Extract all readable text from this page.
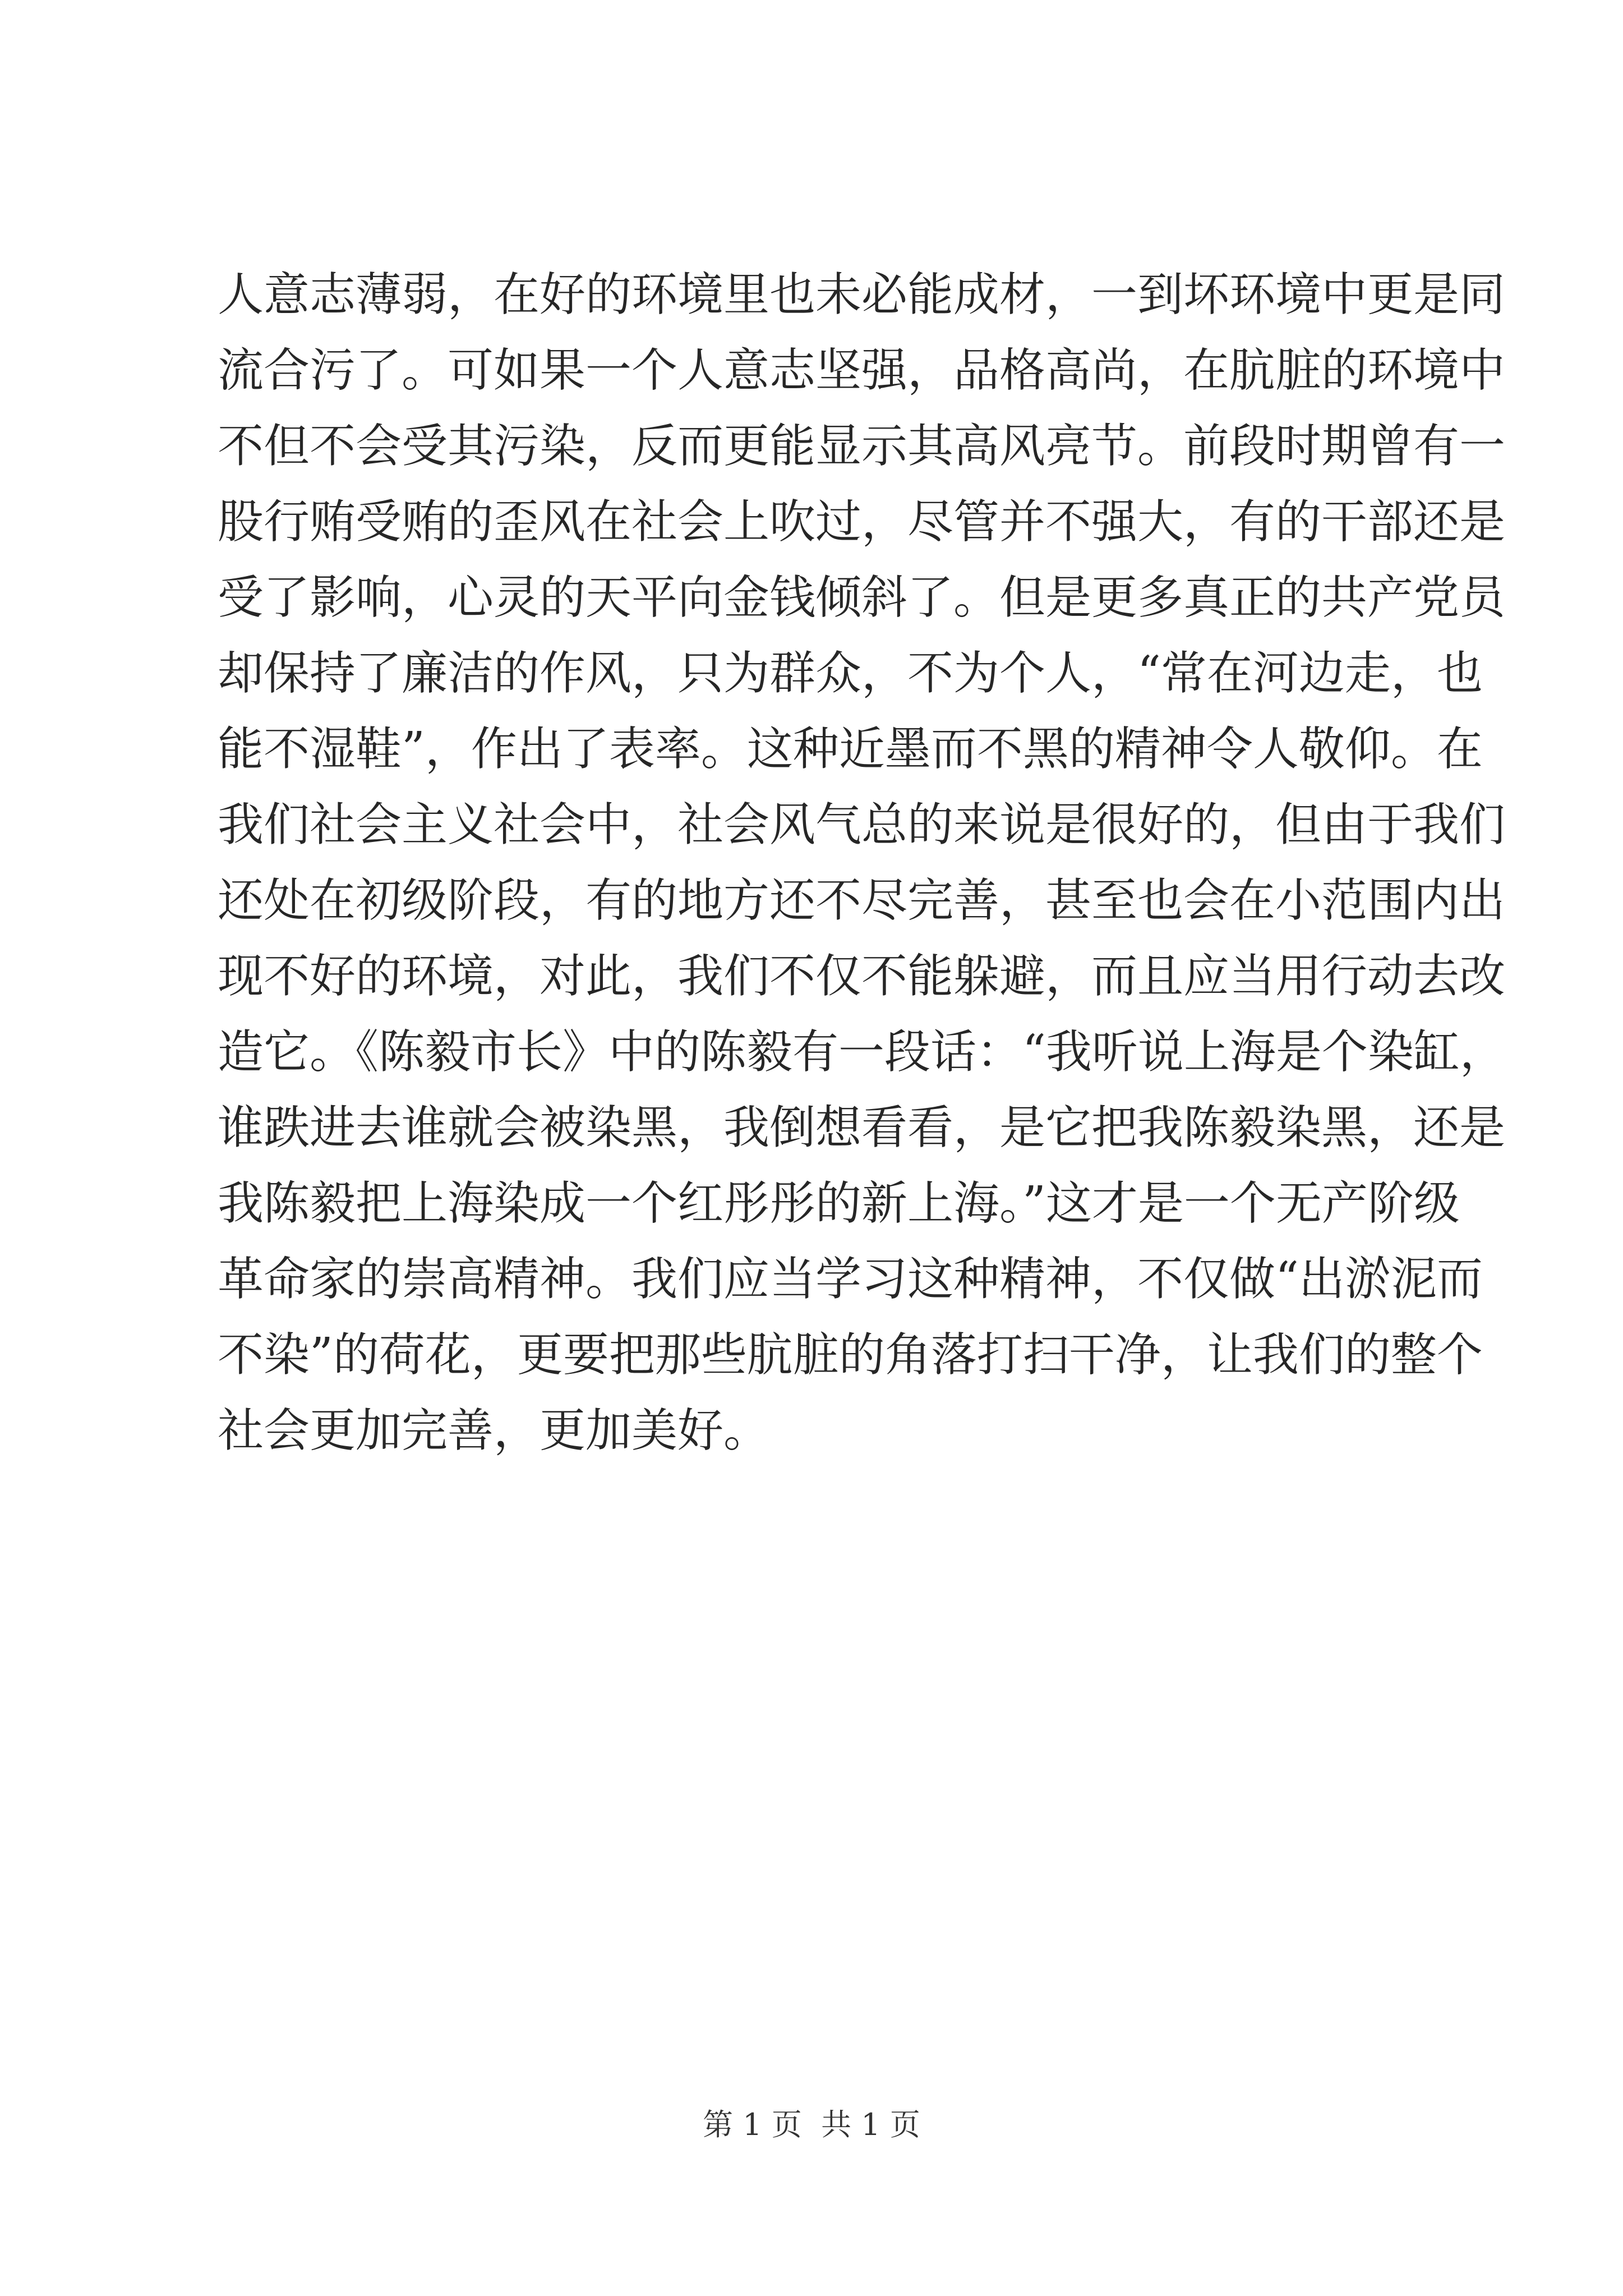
人意志薄弱，在好的环境里也未必能成材，一到坏环境中更是同
流合污了。可如果一个人意志坚强，品格高尚，在肮脏的环境中
不但不会受其污染，反而更能显示其高风亮节。前段时期曾有一
股行贿受贿的歪风在社会上吹过，尽管并不强大，有的干部还是
受了影响，心灵的天平向金钱倾斜了。但是更多真正的共产党员
却保持了廉洁的作风，只为群众，不为个人，“常在河边走，也
能不湿鞋”，作出了表率。这种近墨而不黑的精神令人敬仰。在
我们社会主义社会中，社会风气总的来说是很好的，但由于我们
还处在初级阶段，有的地方还不尽完善，甚至也会在小范围内出
现不好的环境，对此，我们不仅不能躲避，而且应当用行动去改
造它。《陈毅市长》中的陈毅有一段话：“我听说上海是个染缸，
谁跌进去谁就会被染黑，我倒想看看，是它把我陈毅染黑，还是
我陈毅把上海染成一个红彤彤的新上海。”这才是一个无产阶级
革命家的崇高精神。我们应当学习这种精神，不仅做“出淤泥而
不染”的荷花，更要把那些肮脏的角落打扫干净，让我们的整个
社会更加完善，更加美好。
第 1 页  共 1 页
